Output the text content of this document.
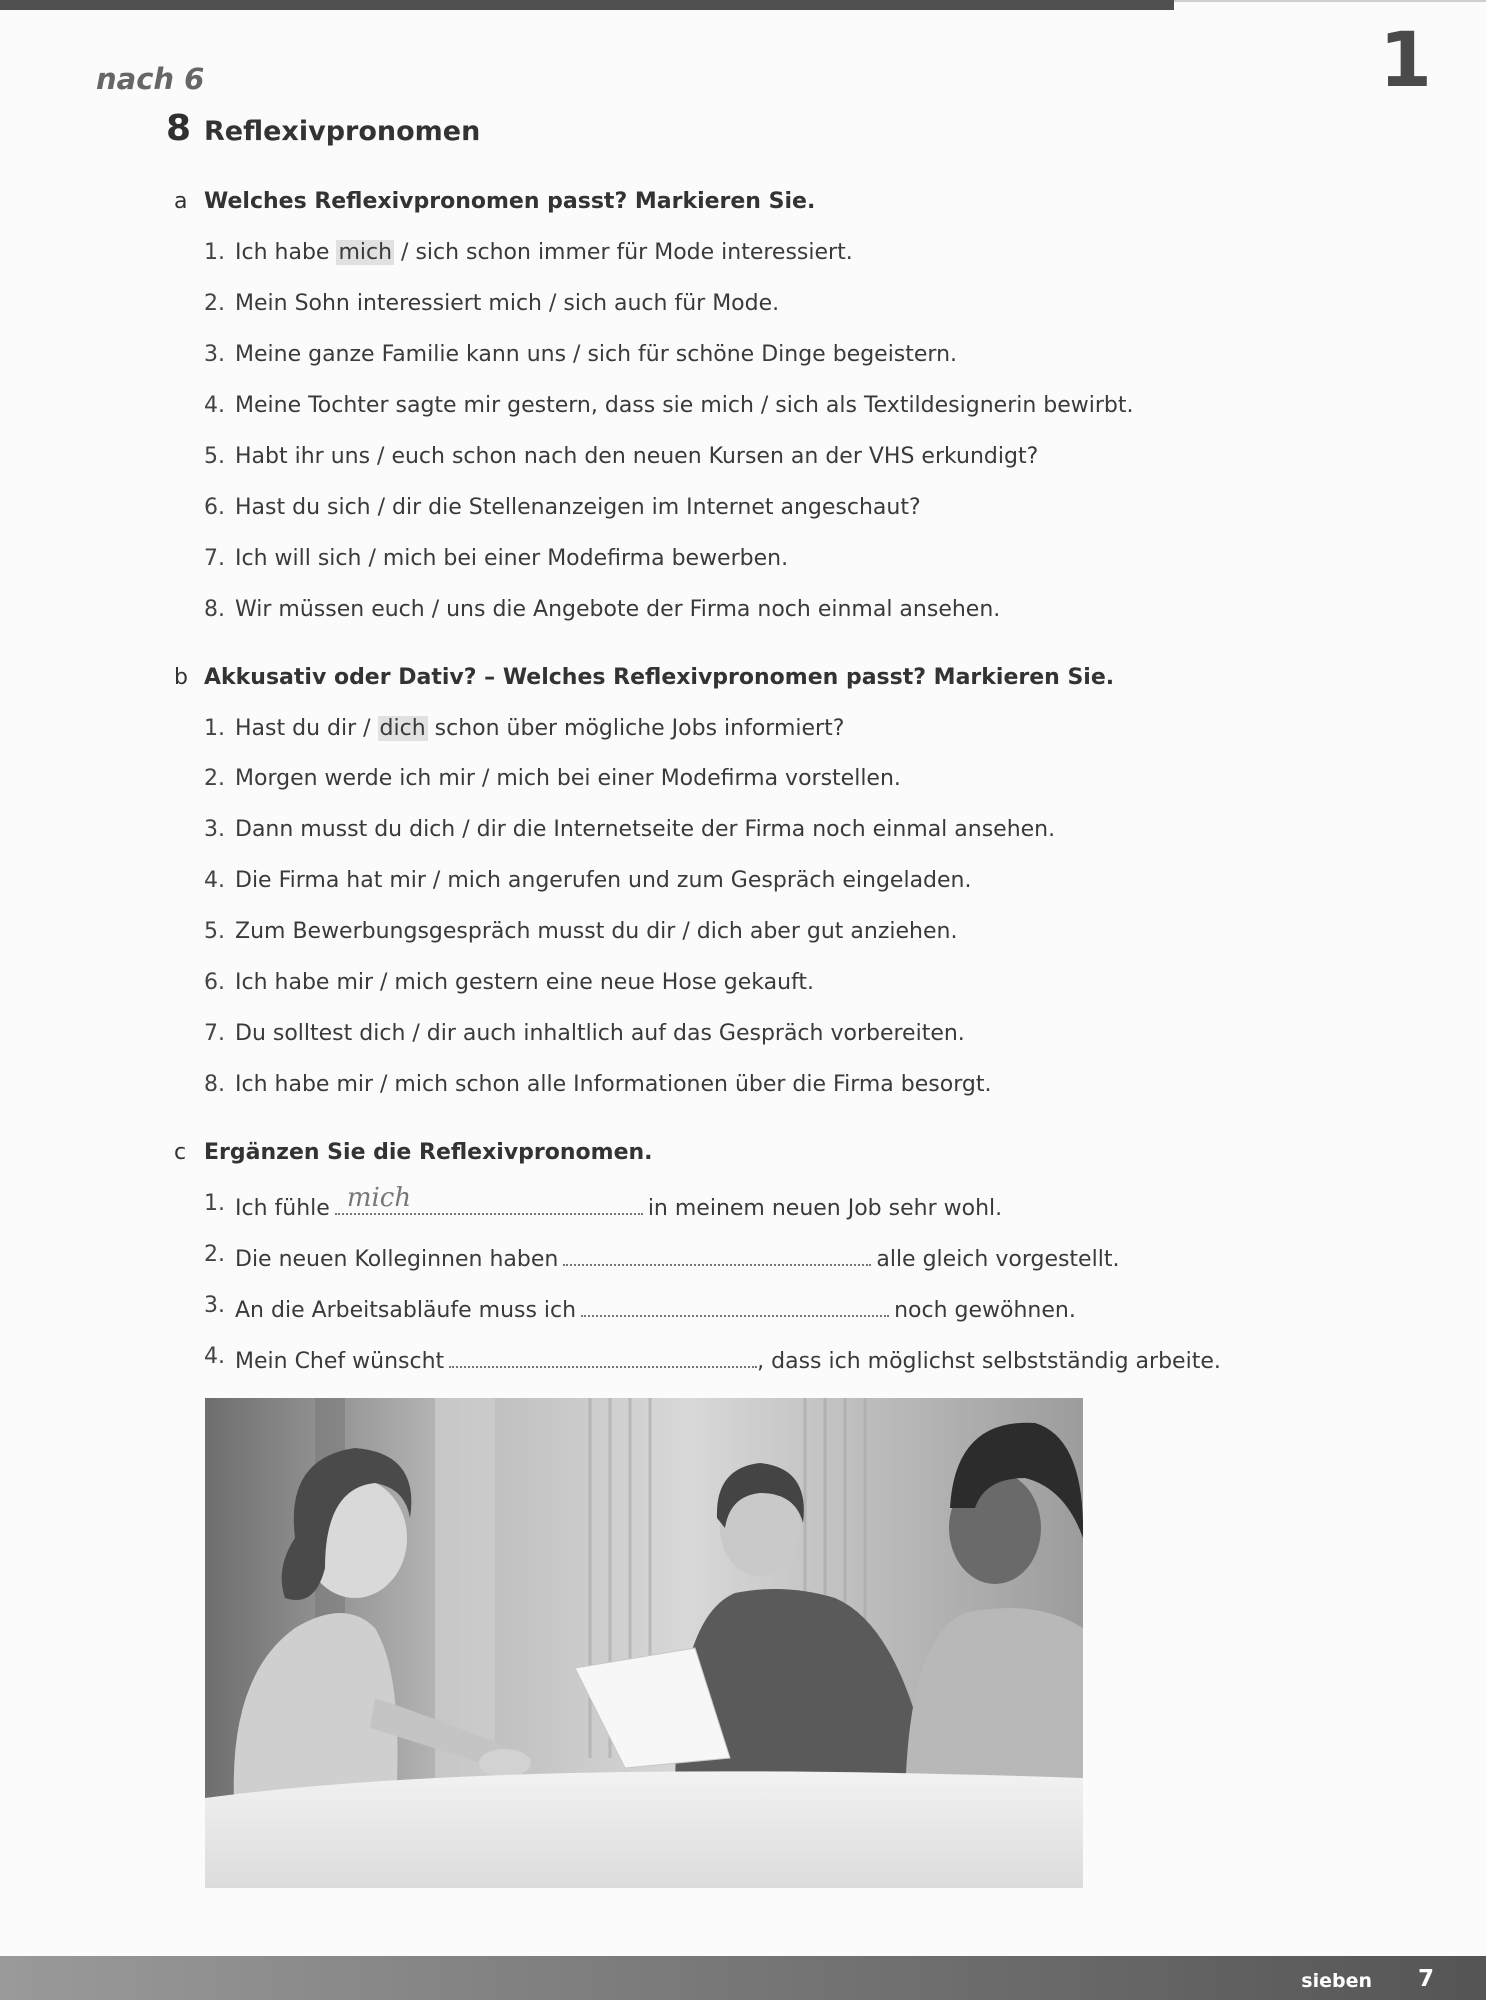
nach 6	1
8 Reflexivpronomen
a Welches Reflexivpronomen passt? Markieren Sie.
1. Ich habe mich / sich schon immer für Mode interessiert.
2. Mein Sohn interessiert mich / sich auch für Mode.
3. Meine ganze Familie kann uns / sich für schöne Dinge begeistern.
4. Meine Tochter sagte mir gestern, dass sie mich / sich als Textildesignerin bewirbt.
5. Habt ihr uns / euch schon nach den neuen Kursen an der VHS erkundigt?
6. Hast du sich / dir die Stellenanzeigen im Internet angeschaut?
7. Ich will sich / mich bei einer Modefirma bewerben.
8. Wir müssen euch / uns die Angebote der Firma noch einmal ansehen.
b Akkusativ oder Dativ? – Welches Reflexivpronomen passt? Markieren Sie.
1. Hast du dir / dich schon über mögliche Jobs informiert?
2. Morgen werde ich mir / mich bei einer Modefirma vorstellen.
3. Dann musst du dich / dir die Internetseite der Firma noch einmal ansehen.
4. Die Firma hat mir / mich angerufen und zum Gespräch eingeladen.
5. Zum Bewerbungsgespräch musst du dir / dich aber gut anziehen.
6. Ich habe mir / mich gestern eine neue Hose gekauft.
7. Du solltest dich / dir auch inhaltlich auf das Gespräch vorbereiten.
8. Ich habe mir / mich schon alle Informationen über die Firma besorgt.
c Ergänzen Sie die Reflexivpronomen.
1. Ich fühle mich	in meinem neuen Job sehr wohl.
2. Die neuen Kolleginnen haben	alle gleich vorgestellt.
3. An die Arbeitsabläufe muss ich	noch gewöhnen.
4. Mein Chef wünscht	, dass ich möglichst selbstständig arbeite.
sieben 7
